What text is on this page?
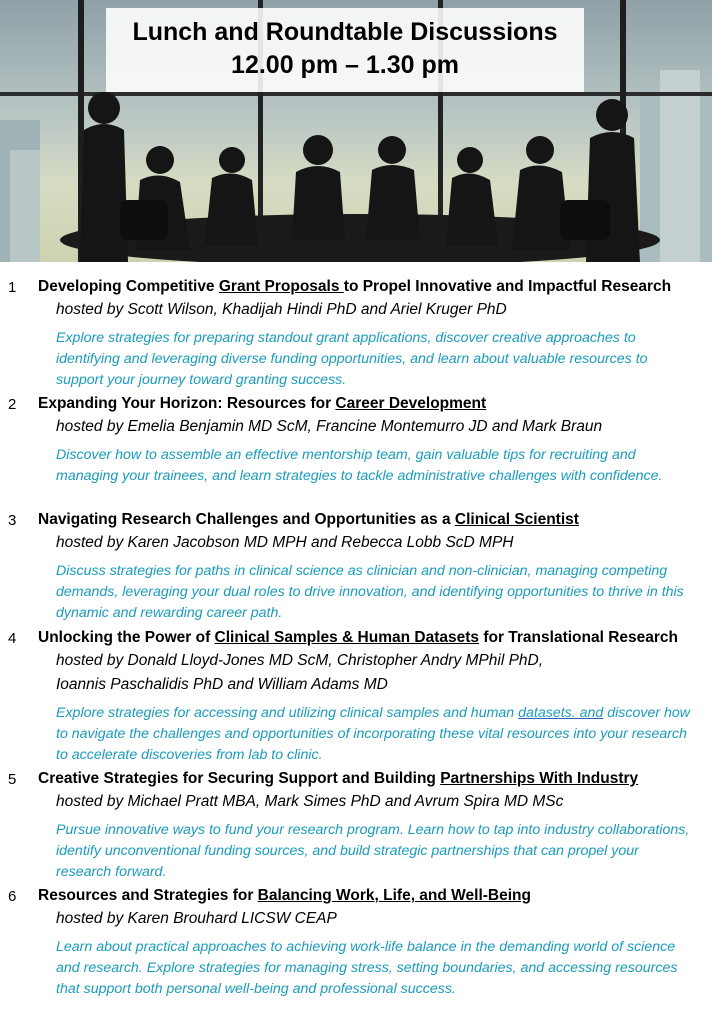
Lunch and Roundtable Discussions
12.00 pm – 1.30 pm
1 Developing Competitive Grant Proposals to Propel Innovative and Impactful Research
hosted by Scott Wilson, Khadijah Hindi PhD and Ariel Kruger PhD
Explore strategies for preparing standout grant applications, discover creative approaches to identifying and leveraging diverse funding opportunities, and learn about valuable resources to support your journey toward granting success.
2 Expanding Your Horizon: Resources for Career Development
hosted by Emelia Benjamin MD ScM, Francine Montemurro JD and Mark Braun
Discover how to assemble an effective mentorship team, gain valuable tips for recruiting and managing your trainees, and learn strategies to tackle administrative challenges with confidence.
3 Navigating Research Challenges and Opportunities as a Clinical Scientist
hosted by Karen Jacobson MD MPH and Rebecca Lobb ScD MPH
Discuss strategies for paths in clinical science as clinician and non-clinician, managing competing demands, leveraging your dual roles to drive innovation, and identifying opportunities to thrive in this dynamic and rewarding career path.
4 Unlocking the Power of Clinical Samples & Human Datasets for Translational Research
hosted by Donald Lloyd-Jones MD ScM, Christopher Andry MPhil PhD,
Ioannis Paschalidis PhD and William Adams MD
Explore strategies for accessing and utilizing clinical samples and human datasets. and discover how to navigate the challenges and opportunities of incorporating these vital resources into your research to accelerate discoveries from lab to clinic.
5 Creative Strategies for Securing Support and Building Partnerships With Industry
hosted by Michael Pratt MBA, Mark Simes PhD and Avrum Spira MD MSc
Pursue innovative ways to fund your research program. Learn how to tap into industry collaborations, identify unconventional funding sources, and build strategic partnerships that can propel your research forward.
6 Resources and Strategies for Balancing Work, Life, and Well-Being
hosted by Karen Brouhard LICSW CEAP
Learn about practical approaches to achieving work-life balance in the demanding world of science and research. Explore strategies for managing stress, setting boundaries, and accessing resources that support both personal well-being and professional success.
